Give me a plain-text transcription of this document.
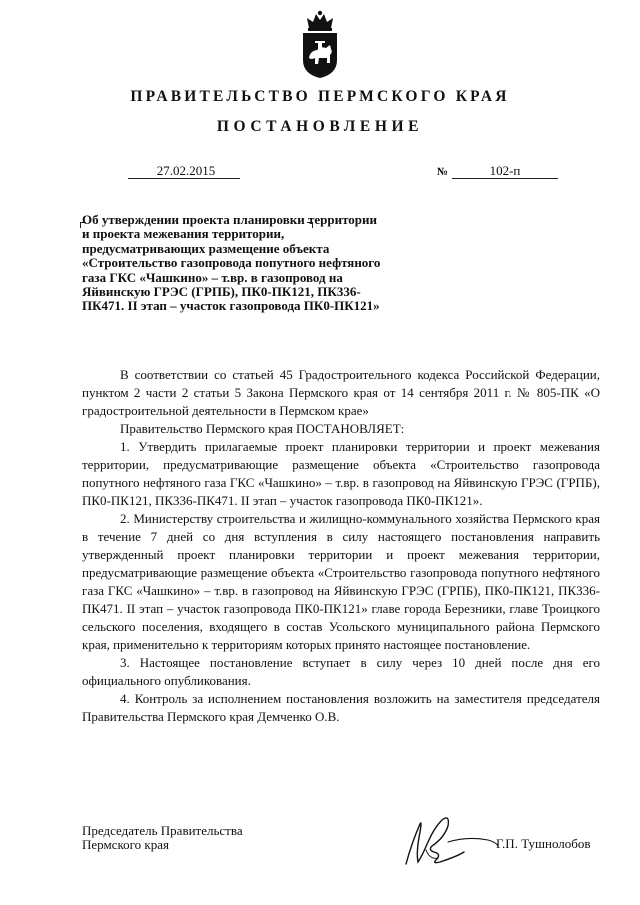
ПРАВИТЕЛЬСТВО ПЕРМСКОГО КРАЯ
ПОСТАНОВЛЕНИЕ
27.02.2015	№	102-п
Об утверждении проекта планировки территории и проекта межевания территории, предусматривающих размещение объекта «Строительство газопровода попутного нефтяного газа ГКС «Чашкино» – т.вр. в газопровод на Яйвинскую ГРЭС (ГРПБ), ПК0-ПК121, ПК336-ПК471. II этап – участок газопровода ПК0-ПК121»

В соответствии со статьей 45 Градостроительного кодекса Российской Федерации, пунктом 2 части 2 статьи 5 Закона Пермского края от 14 сентября 2011 г. № 805-ПК «О градостроительной деятельности в Пермском крае»

Правительство Пермского края ПОСТАНОВЛЯЕТ:

1. Утвердить прилагаемые проект планировки территории и проект межевания территории, предусматривающие размещение объекта «Строительство газопровода попутного нефтяного газа ГКС «Чашкино» – т.вр. в газопровод на Яйвинскую ГРЭС (ГРПБ), ПК0-ПК121, ПК336-ПК471. II этап – участок газопровода ПК0-ПК121».

2. Министерству строительства и жилищно-коммунального хозяйства Пермского края в течение 7 дней со дня вступления в силу настоящего постановления направить утвержденный проект планировки территории и проект межевания территории, предусматривающие размещение объекта «Строительство газопровода попутного нефтяного газа ГКС «Чашкино» – т.вр. в газопровод на Яйвинскую ГРЭС (ГРПБ), ПК0-ПК121, ПК336-ПК471. II этап – участок газопровода ПК0-ПК121» главе города Березники, главе Троицкого сельского поселения, входящего в состав Усольского муниципального района Пермского края, применительно к территориям которых принято настоящее постановление.

3. Настоящее постановление вступает в силу через 10 дней после дня его официального опубликования.

4. Контроль за исполнением постановления возложить на заместителя председателя Правительства Пермского края Демченко О.В.

Председатель Правительства
Пермского края	Г.П. Тушнолобов
